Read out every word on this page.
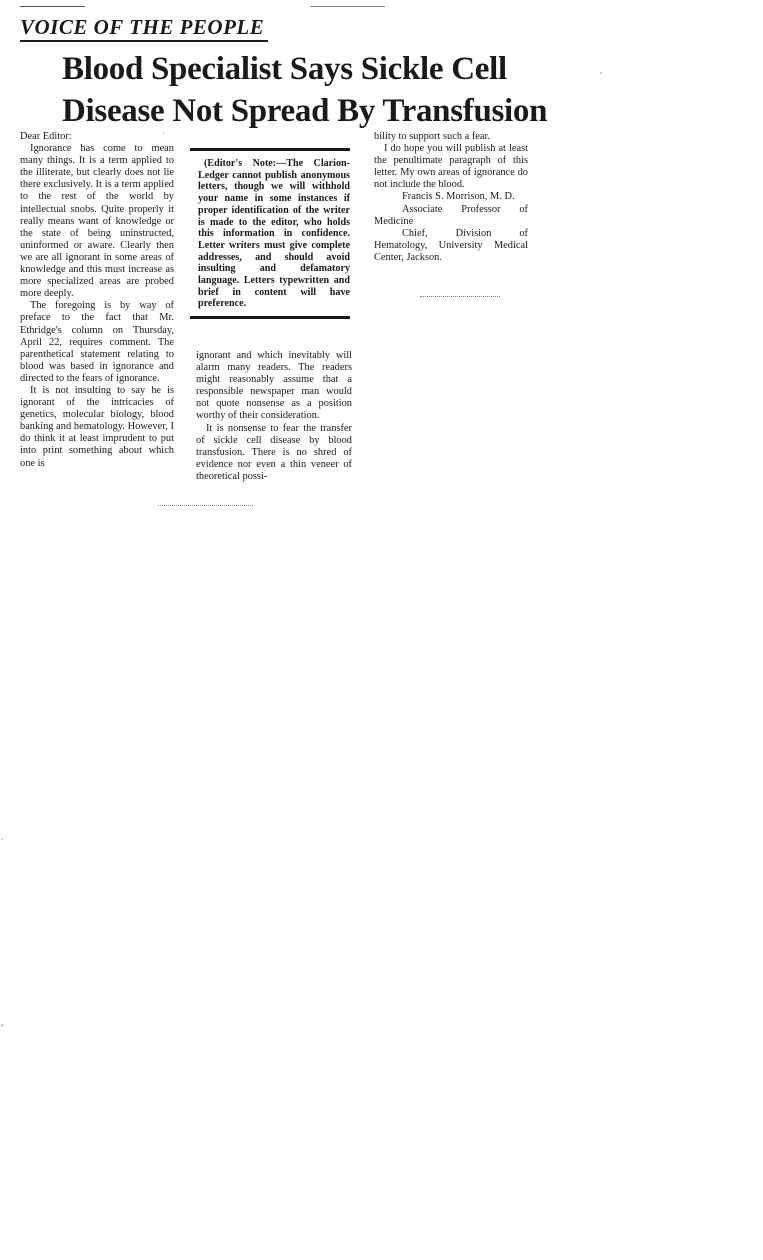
VOICE OF THE PEOPLE
Blood Specialist Says Sickle Cell
Disease Not Spread By Transfusion

Dear Editor:

Ignorance has come to mean many things. It is a term applied to the illiterate, but clearly does not lie there exclusively. It is a term applied to the rest of the world by intellectual snobs. Quite properly it really means want of knowledge or the state of being uninstructed, uninformed or aware. Clearly then we are all ignorant in some areas of knowledge and this must increase as more specialized areas are probed more deeply.

The foregoing is by way of preface to the fact that Mr. Ethridge's column on Thursday, April 22, requires comment. The parenthetical statement relating to blood was based in ignorance and directed to the fears of ignorance.

It is not insulting to say he is ignorant of the intricacies of genetics, molecular biology, blood banking and hematology. However, I do think it at least imprudent to put into print something about which one is

(Editor's Note:—The Clarion-Ledger cannot publish anonymous letters, though we will withhold your name in some instances if proper identification of the writer is made to the editor, who holds this information in confidence. Letter writers must give complete addresses, and should avoid insulting and defamatory language. Letters typewritten and brief in content will have preference.

ignorant and which inevitably will alarm many readers. The readers might reasonably assume that a responsible newspaper man would not quote nonsense as a position worthy of their consideration.

It is nonsense to fear the transfer of sickle cell disease by blood transfusion. There is no shred of evidence nor even a thin veneer of theoretical possi-

bility to support such a fear.

I do hope you will publish at least the penultimate paragraph of this letter. My own areas of ignorance do not include the blood.

Francis S. Morrison, M. D.

Associate Professor of Medicine

Chief, Division of Hematology, University Medical Center, Jackson.
